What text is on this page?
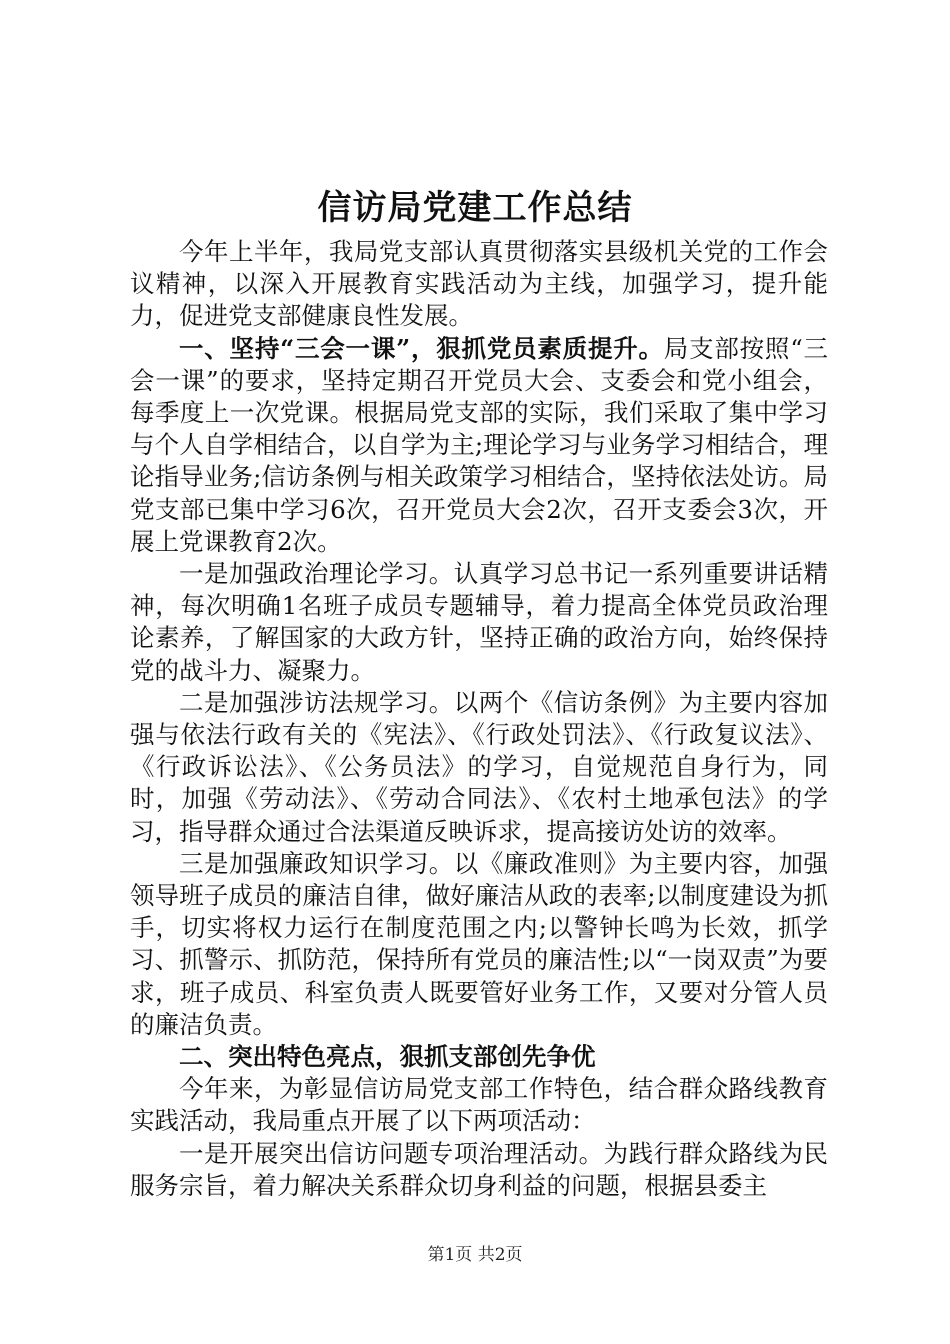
信访局党建工作总结

今年上半年，我局党支部认真贯彻落实县级机关党的工作会议精神，以深入开展教育实践活动为主线，加强学习，提升能力，促进党支部健康良性发展。

一、坚持“三会一课”，狠抓党员素质提升。局支部按照“三会一课”的要求，坚持定期召开党员大会、支委会和党小组会，每季度上一次党课。根据局党支部的实际，我们采取了集中学习与个人自学相结合，以自学为主;理论学习与业务学习相结合，理论指导业务;信访条例与相关政策学习相结合，坚持依法处访。局党支部已集中学习6次，召开党员大会2次，召开支委会3次，开展上党课教育2次。

一是加强政治理论学习。认真学习总书记一系列重要讲话精神，每次明确1名班子成员专题辅导，着力提高全体党员政治理论素养，了解国家的大政方针，坚持正确的政治方向，始终保持党的战斗力、凝聚力。

二是加强涉访法规学习。以两个《信访条例》为主要内容加强与依法行政有关的《宪法》、《行政处罚法》、《行政复议法》、《行政诉讼法》、《公务员法》的学习，自觉规范自身行为，同时，加强《劳动法》、《劳动合同法》、《农村土地承包法》的学习，指导群众通过合法渠道反映诉求，提高接访处访的效率。

三是加强廉政知识学习。以《廉政准则》为主要内容，加强领导班子成员的廉洁自律，做好廉洁从政的表率;以制度建设为抓手，切实将权力运行在制度范围之内;以警钟长鸣为长效，抓学习、抓警示、抓防范，保持所有党员的廉洁性;以“一岗双责”为要求，班子成员、科室负责人既要管好业务工作，又要对分管人员的廉洁负责。

二、突出特色亮点，狠抓支部创先争优

今年来，为彰显信访局党支部工作特色，结合群众路线教育实践活动，我局重点开展了以下两项活动：

一是开展突出信访问题专项治理活动。为践行群众路线为民服务宗旨，着力解决关系群众切身利益的问题，根据县委主

第1页 共2页
